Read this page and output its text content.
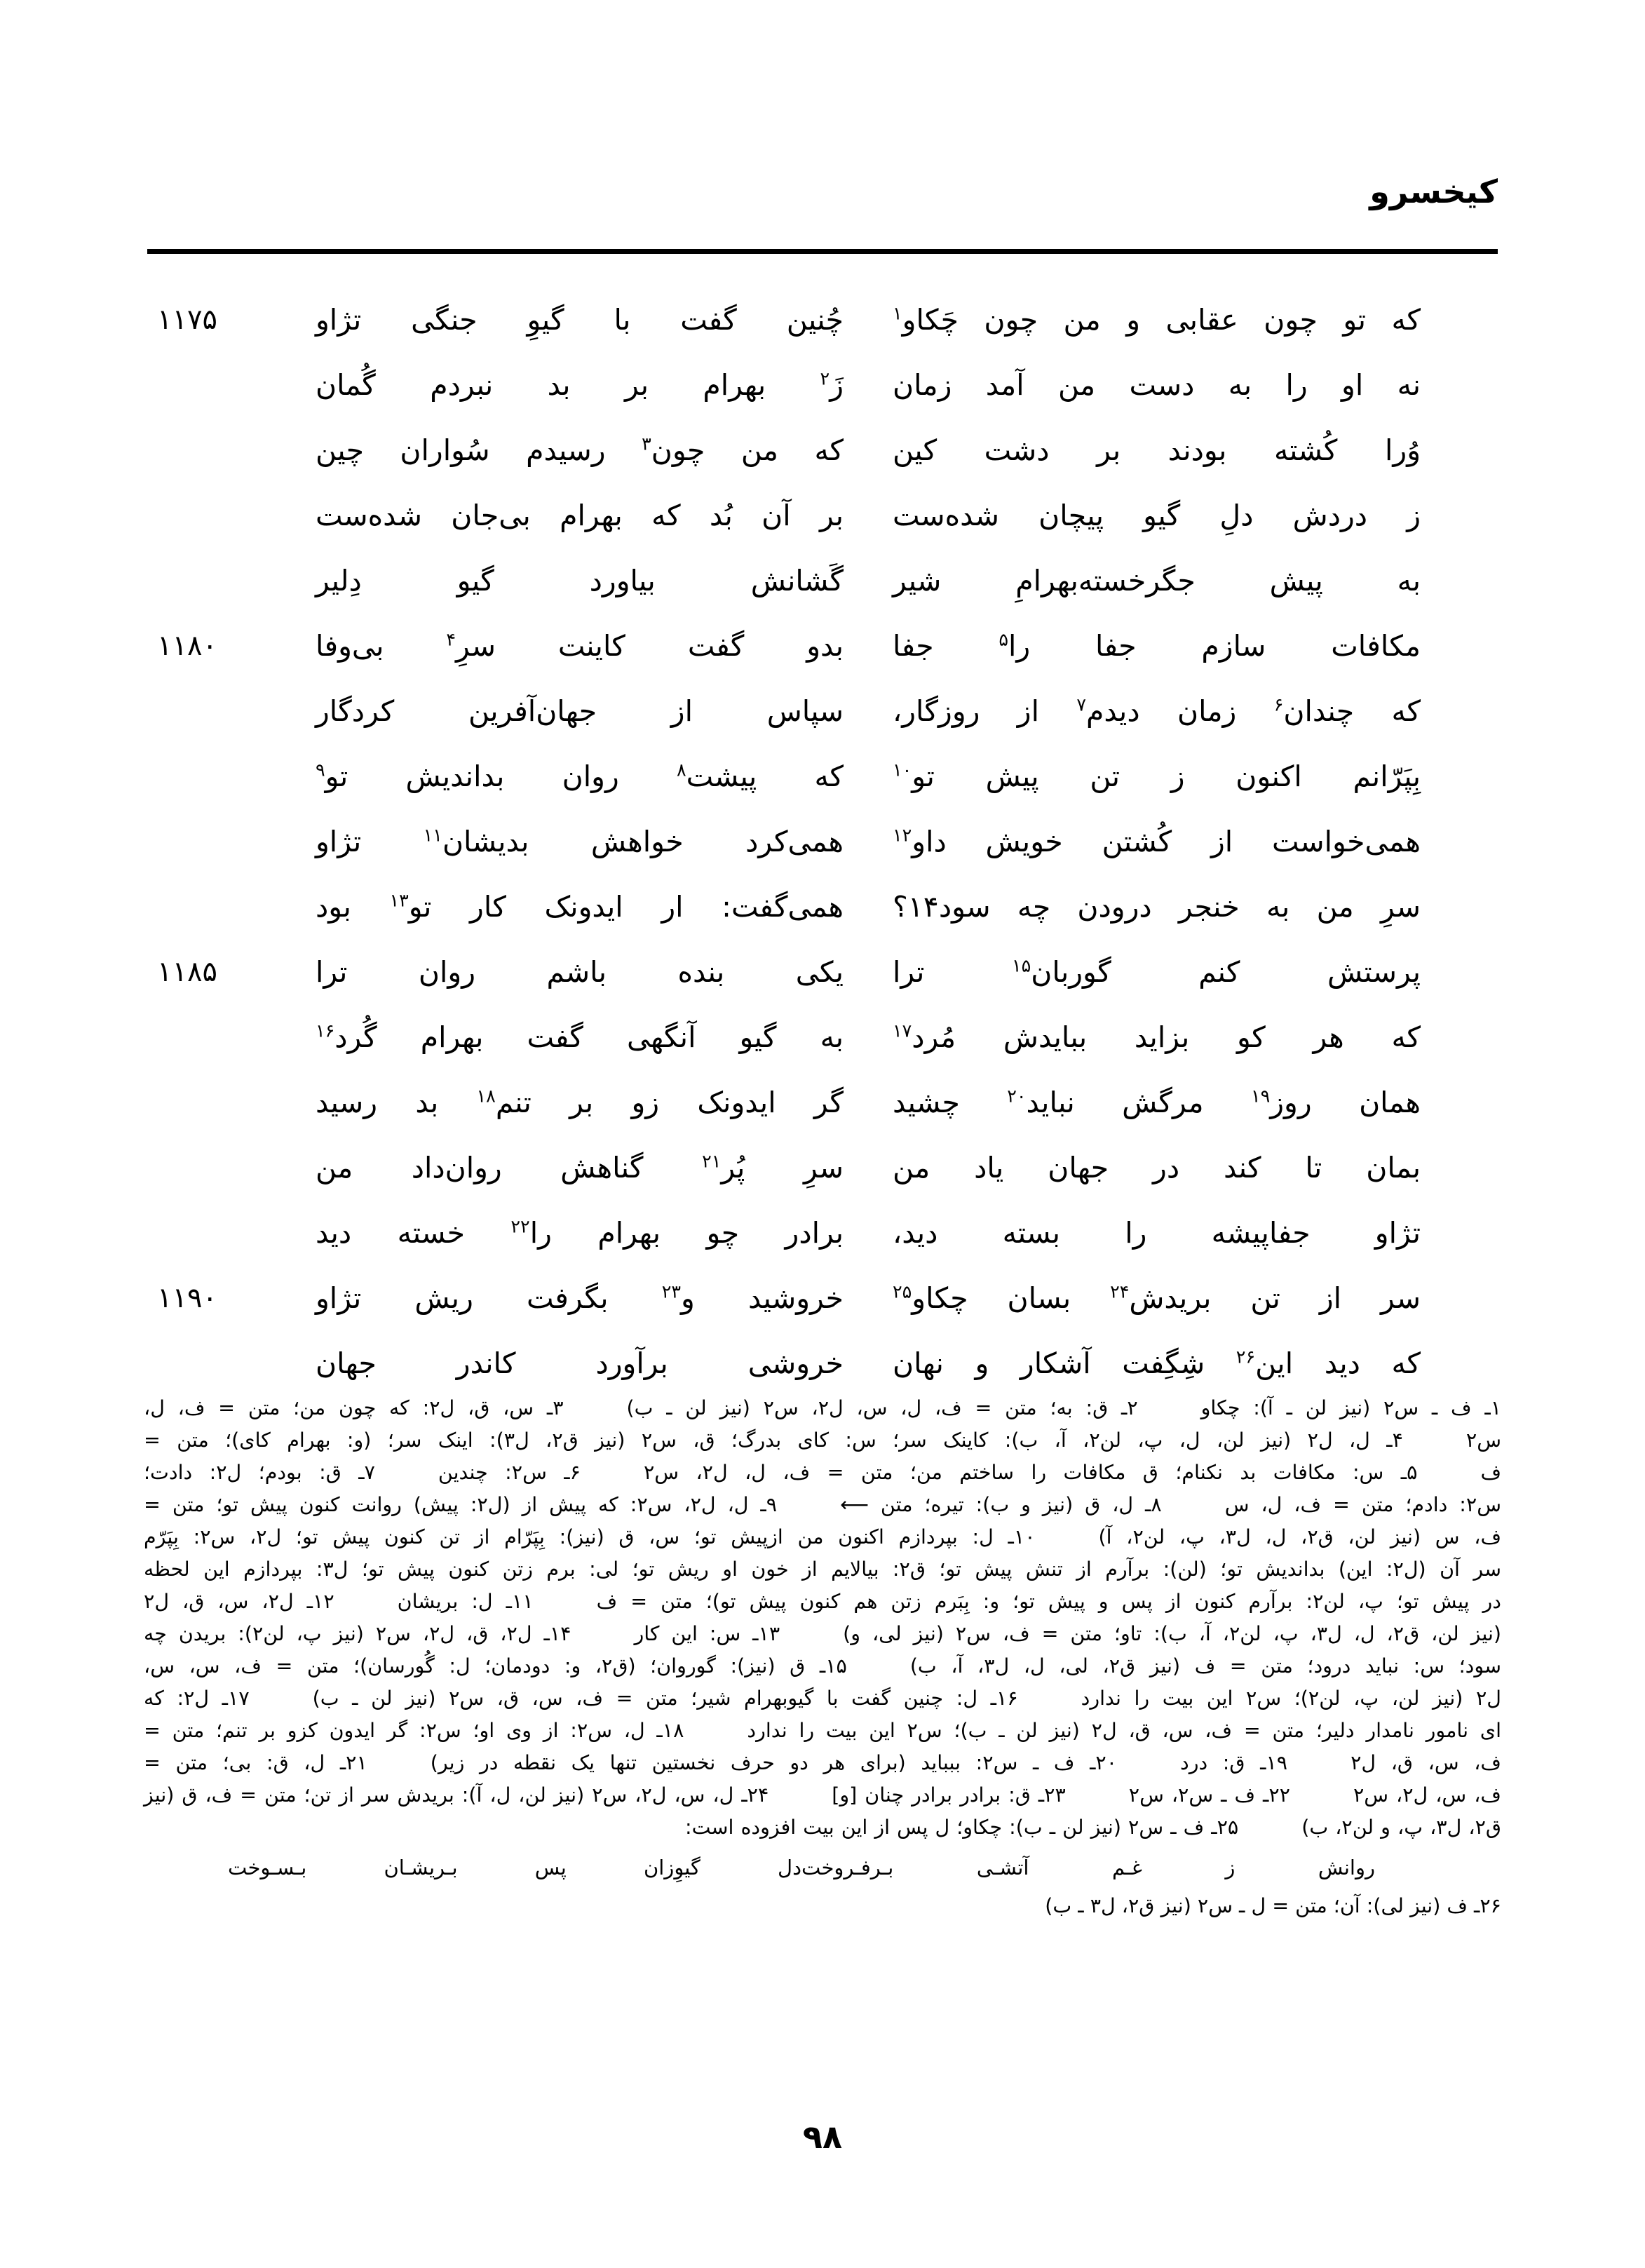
کیخسرو
که تو چون عقابی و من چون چَکاو$^۱$
چُنین گفت با گیوِ جنگی تژاو
۱۱۷۵
نه او را به دست من آمد زمان
زَ$^۲$ بهرام بر بد نبردم گُمان
وُرا کُشته بودند بر دشت کین
که من چون$^۳$ رسیدم سُواران چین
ز دردش دلِ گیو پیچان شده‌ست
بر آن بُد که بهرام بی‌جان شده‌ست
به پیش جگرخسته‌بهرامِ شیر
گَشانش بیاورد گیو دِلیر
مکافات سازم جفا را$^۵$ جفا
بدو گفت کاینت سرِ$^۴$ بی‌وفا
۱۱۸۰
که چندان$^۶$ زمان دیدم$^۷$ از روزگار،
سپاس از جهان‌آفرین کردگار
بِپَرّانم اکنون ز تن پیش تو$^{۱۰}$
که پیشت$^۸$ روان بداندیش تو$^۹$
همی‌خواست از کُشتن خویش داو$^{۱۲}$
همی‌کرد خواهش بدیشان$^{۱۱}$ تژاو
سرِ من به خنجر درودن چه سود۱۴؟
همی‌گفت: ار ایدونک کار تو$^{۱۳}$ بود
پرستش کنم گوربان$^{۱۵}$ ترا
یکی بنده باشم روان ترا
۱۱۸۵
که هر کو بزاید ببایدش مُرد$^{۱۷}$
به گیو آنگهی گفت بهرام گُرد$^{۱۶}$
همان روز$^{۱۹}$ مرگش نباید$^{۲۰}$ چشید
گر ایدونک زو بر تنم$^{۱۸}$ بد رسید
بمان تا کند در جهان یاد من
سرِ پُر$^{۲۱}$ گناهش روان‌داد من
تژاو جفاپیشه را بسته دید،
برادر چو بهرام را$^{۲۲}$ خسته دید
سر از تن بریدش$^{۲۴}$ بسان چکاو$^{۲۵}$
خروشید و$^{۲۳}$ بگرفت ریش تژاو
۱۱۹۰
که دید این$^{۲۶}$ شِگِفت آشکار و نهان
خروشی برآورد کاندر جهان
۱ـ ف ـ س۲ (نیز لن ـ آ): چکاو۲ـ ق: به؛ متن = ف، ل، س، ل۲، س۲ (نیز لن ـ ب)۳ـ س، ق، ل۲: که چون من؛ متن = ف، ل،
س۲۴ـ ل، ل۲ (نیز لن، ل، پ، لن۲، آ، ب): کاینک سر؛ س: کای بدرگ؛ ق، س۲ (نیز ق۲، ل۳): اینک سر؛ (و: بهرام کای)؛ متن =
ف۵ـ س: مکافات بد نکنام؛ ق مکافات را ساختم من؛ متن = ف، ل، ل۲، س۲۶ـ س۲: چندین۷ـ ق: بودم؛ ل۲: دادت؛
س۲: دادم؛ متن = ف، ل، س۸ـ ل، ق (نیز و ب): تیره؛ متن ⟵۹ـ ل، ل۲، س۲: که پیش از (ل۲: پیش) روانت کنون پیش تو؛ متن =
ف، س (نیز لن، ق۲، ل، ل۳، پ، لن۲، آ)۱۰ـ ل: بپردازم اکنون من ازپیش تو؛ س، ق (نیز): بِپَرّام از تن کنون پیش تو؛ ل۲، س۲: بِپَرّم
سر آن (ل۲: این) بداندیش تو؛ (لن): برآرم از تنش پیش تو؛ ق۲: بیالایم از خون او ریش تو؛ لی: برم زتن کنون پیش تو؛ ل۳: بپردازم این لحظه
در پیش تو؛ پ، لن۲: برآرم کنون از پس و پیش تو؛ و: بِبَرم زتن هم کنون پیش تو)؛ متن = ف۱۱ـ ل: بریشان۱۲ـ ل۲، س، ق، ل۲
(نیز لن، ق۲، ل، ل۳، پ، لن۲، آ، ب): تاو؛ متن = ف، س۲ (نیز لی، و)۱۳ـ س: این کار۱۴ـ ل۲، ق، ل۲، س۲ (نیز پ، لن۲): بریدن چه
سود؛ س: نباید درود؛ متن = ف (نیز ق۲، لی، ل، ل۳، آ، ب)۱۵ـ ق (نیز): گوروان؛ (ق۲، و: دودمان؛ ل: گُورسان)؛ متن = ف، س، س،
ل۲ (نیز لن، پ، لن۲)؛ س۲ این بیت را ندارد۱۶ـ ل: چنین گفت با گیوبهرام شیر؛ متن = ف، س، ق، س۲ (نیز لن ـ ب)۱۷ـ ل۲: که
ای نامور نامدار دلیر؛ متن = ف، س، ق، ل۲ (نیز لن ـ ب)؛ س۲ این بیت را ندارد۱۸ـ ل، س۲: از وی او؛ س۲: گر ایدون کزو بر تنم؛ متن =
ف، س، ق، ل۲۱۹ـ ق: درد۲۰ـ ف ـ س۲: ببباید (برای هر دو حرف نخستین تنها یک نقطه در زیر)۲۱ـ ل، ق: بی؛ متن =
ف، س، ل۲، س۲۲۲ـ ف ـ س۲، س۲۲۳ـ ق: برادر برادر چنان [و]۲۴ـ ل، س، ل۲، س۲ (نیز لن، ل، آ): بریدش سر از تن؛ متن = ف، ق (نیز
ق۲، ل۳، پ، و لن۲، ب)۲۵ـ ف ـ س۲ (نیز لن ـ ب): چکاو؛ ل پس از این بیت افزوده است:
روانش ز غـم آتشـی بـرفـروخت
دل گیوِزان پس بـریشـان بـسـوخت
۲۶ـ ف (نیز لی): آن؛ متن = ل ـ س۲ (نیز ق۲، ل۳ ـ ب)
۹۸
